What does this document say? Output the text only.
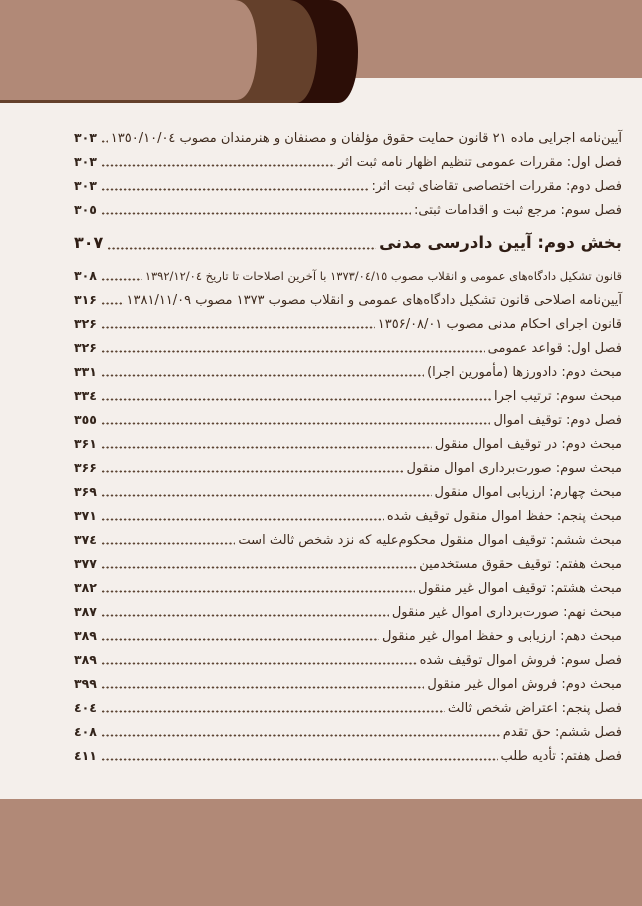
آیین‌نامه اجرایی ماده ٢١ قانون حمایت حقوق مؤلفان و مصنفان و هنرمندان مصوب ١٣٥٠/١٠/٠٤
٣٠٣
فصل اول: مقررات عمومی تنظیم اظهار نامه ثبت اثر
٣٠٣
فصل دوم: مقررات اختصاصی تقاضای ثبت اثر:
٣٠٣
فصل سوم: مرجع ثبت و اقدامات ثبتی:
٣٠٥
بخش دوم: آیین دادرسی مدنی
٣٠٧
قانون تشکیل دادگاه‌های عمومی و انقلاب مصوب ١٣٧٣/٠٤/١٥ با آخرین اصلاحات تا تاریخ ١٣٩٢/١٢/٠٤
٣٠٨
آیین‌نامه اصلاحی قانون تشکیل دادگاه‌های عمومی و انقلاب مصوب ١٣٧٣ مصوب ١٣٨١/١١/٠٩
٣١۶
قانون اجرای احکام مدنی مصوب ١٣٥۶/٠٨/٠١
٣٢۶
فصل اول: قواعد عمومی
٣٢۶
مبحث دوم: دادورزها (مأمورین اجرا)
٣٣١
مبحث سوم: ترتیب اجرا
٣٣٤
فصل دوم: توقیف اموال
٣٥٥
مبحث دوم: در توقیف اموال منقول
٣۶١
مبحث سوم: صورت‌برداری اموال منقول
٣۶۶
مبحث چهارم: ارزیابی اموال منقول
٣۶٩
مبحث پنجم: حفظ اموال منقول توقیف شده
٣٧١
مبحث ششم: توقیف اموال منقول محکوم‌علیه که نزد شخص ثالث است
٣٧٤
مبحث هفتم: توقیف حقوق مستخدمین
٣٧٧
مبحث هشتم: توقیف اموال غیر منقول
٣٨٢
مبحث نهم: صورت‌برداری اموال غیر منقول
٣٨٧
مبحث دهم: ارزیابی و حفظ اموال غیر منقول
٣٨٩
فصل سوم: فروش اموال توقیف شده
٣٨٩
مبحث دوم: فروش اموال غیر منقول
٣٩٩
فصل پنجم: اعتراض شخص ثالث
٤٠٤
فصل ششم: حق تقدم
٤٠٨
فصل هفتم: تأدیه طلب
٤١١
